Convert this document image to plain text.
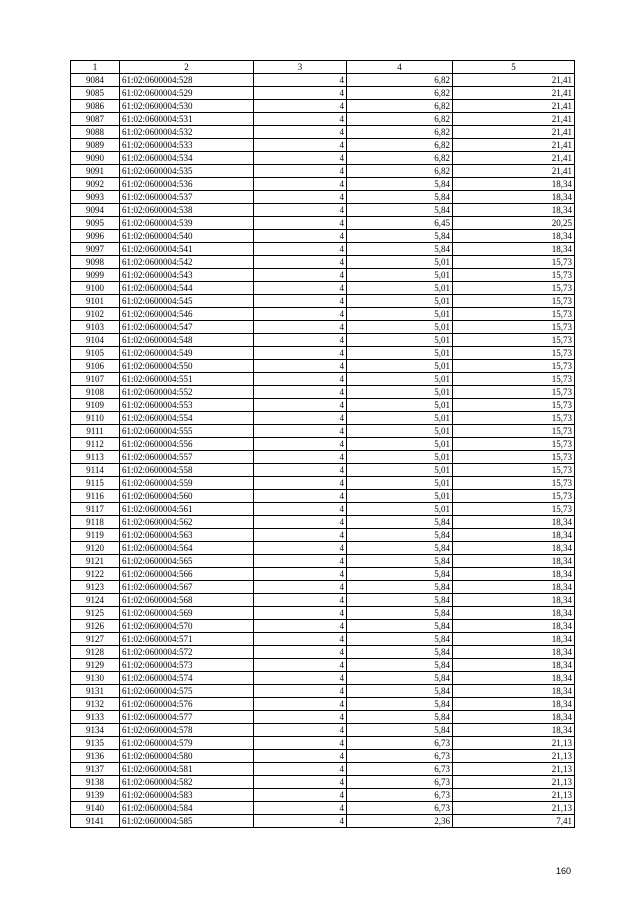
1	2	3	4	5
9084	61:02:0600004:528	4	6,82	21,41
9085	61:02:0600004:529	4	6,82	21,41
9086	61:02:0600004:530	4	6,82	21,41
9087	61:02:0600004:531	4	6,82	21,41
9088	61:02:0600004:532	4	6,82	21,41
9089	61:02:0600004:533	4	6,82	21,41
9090	61:02:0600004:534	4	6,82	21,41
9091	61:02:0600004:535	4	6,82	21,41
9092	61:02:0600004:536	4	5,84	18,34
9093	61:02:0600004:537	4	5,84	18,34
9094	61:02:0600004:538	4	5,84	18,34
9095	61:02:0600004:539	4	6,45	20,25
9096	61:02:0600004:540	4	5,84	18,34
9097	61:02:0600004:541	4	5,84	18,34
9098	61:02:0600004:542	4	5,01	15,73
9099	61:02:0600004:543	4	5,01	15,73
9100	61:02:0600004:544	4	5,01	15,73
9101	61:02:0600004:545	4	5,01	15,73
9102	61:02:0600004:546	4	5,01	15,73
9103	61:02:0600004:547	4	5,01	15,73
9104	61:02:0600004:548	4	5,01	15,73
9105	61:02:0600004:549	4	5,01	15,73
9106	61:02:0600004:550	4	5,01	15,73
9107	61:02:0600004:551	4	5,01	15,73
9108	61:02:0600004:552	4	5,01	15,73
9109	61:02:0600004:553	4	5,01	15,73
9110	61:02:0600004:554	4	5,01	15,73
9111	61:02:0600004:555	4	5,01	15,73
9112	61:02:0600004:556	4	5,01	15,73
9113	61:02:0600004:557	4	5,01	15,73
9114	61:02:0600004:558	4	5,01	15,73
9115	61:02:0600004:559	4	5,01	15,73
9116	61:02:0600004:560	4	5,01	15,73
9117	61:02:0600004:561	4	5,01	15,73
9118	61:02:0600004:562	4	5,84	18,34
9119	61:02:0600004:563	4	5,84	18,34
9120	61:02:0600004:564	4	5,84	18,34
9121	61:02:0600004:565	4	5,84	18,34
9122	61:02:0600004:566	4	5,84	18,34
9123	61:02:0600004:567	4	5,84	18,34
9124	61:02:0600004:568	4	5,84	18,34
9125	61:02:0600004:569	4	5,84	18,34
9126	61:02:0600004:570	4	5,84	18,34
9127	61:02:0600004:571	4	5,84	18,34
9128	61:02:0600004:572	4	5,84	18,34
9129	61:02:0600004:573	4	5,84	18,34
9130	61:02:0600004:574	4	5,84	18,34
9131	61:02:0600004:575	4	5,84	18,34
9132	61:02:0600004:576	4	5,84	18,34
9133	61:02:0600004:577	4	5,84	18,34
9134	61:02:0600004:578	4	5,84	18,34
9135	61:02:0600004:579	4	6,73	21,13
9136	61:02:0600004:580	4	6,73	21,13
9137	61:02:0600004:581	4	6,73	21,13
9138	61:02:0600004:582	4	6,73	21,13
9139	61:02:0600004:583	4	6,73	21,13
9140	61:02:0600004:584	4	6,73	21,13
9141	61:02:0600004:585	4	2,36	7,41
160
